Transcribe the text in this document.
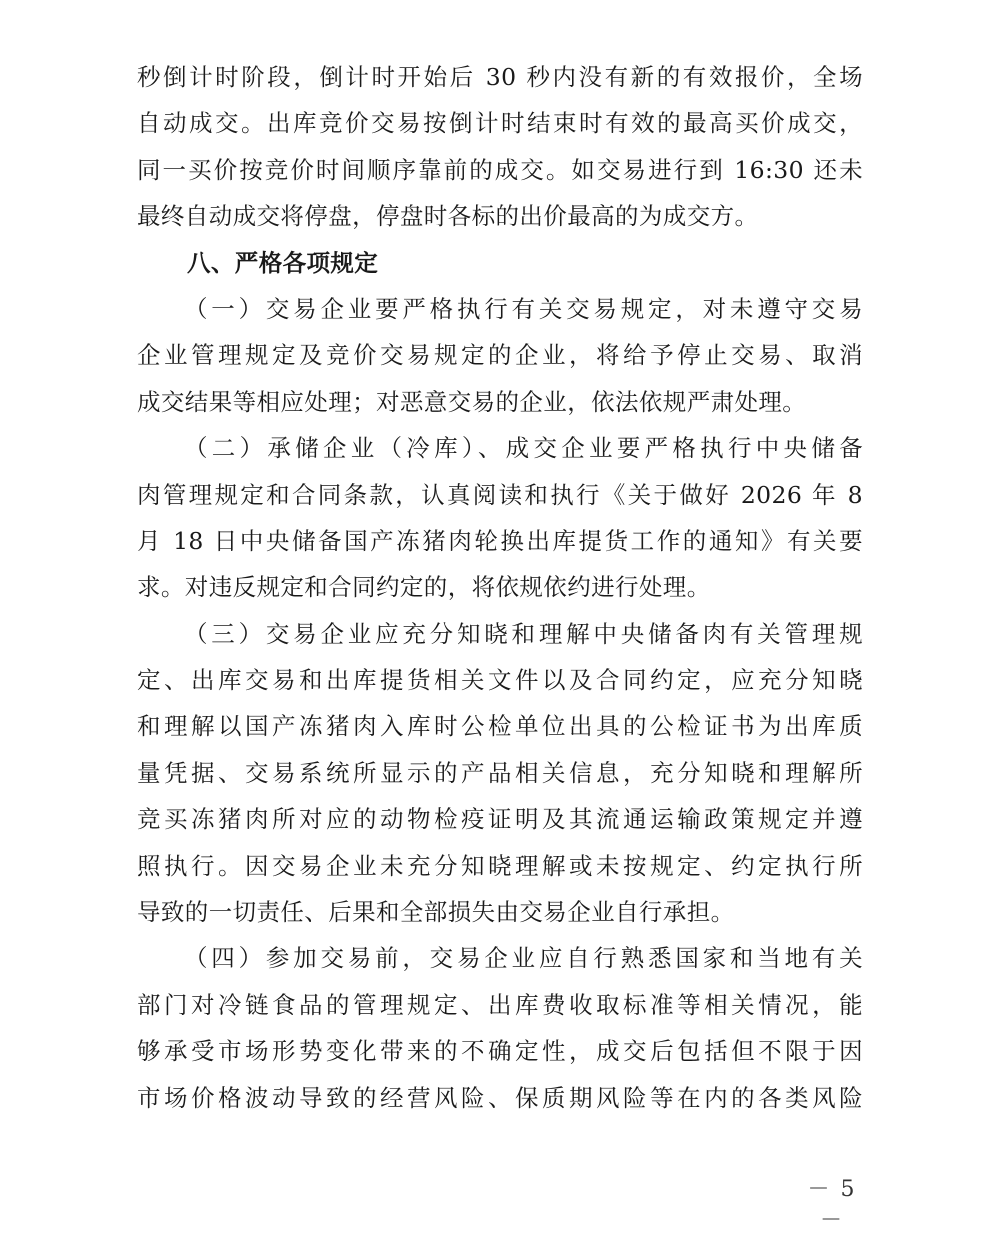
秒倒计时阶段，倒计时开始后 30 秒内没有新的有效报价，全场
自动成交。出库竞价交易按倒计时结束时有效的最高买价成交，
同一买价按竞价时间顺序靠前的成交。如交易进行到 16:30 还未
最终自动成交将停盘，停盘时各标的出价最高的为成交方。
八、严格各项规定
（一）交易企业要严格执行有关交易规定，对未遵守交易
企业管理规定及竞价交易规定的企业，将给予停止交易、取消
成交结果等相应处理；对恶意交易的企业，依法依规严肃处理。
（二）承储企业（冷库）、成交企业要严格执行中央储备
肉管理规定和合同条款，认真阅读和执行《关于做好 2026 年 8
月 18 日中央储备国产冻猪肉轮换出库提货工作的通知》有关要
求。对违反规定和合同约定的，将依规依约进行处理。
（三）交易企业应充分知晓和理解中央储备肉有关管理规
定、出库交易和出库提货相关文件以及合同约定，应充分知晓
和理解以国产冻猪肉入库时公检单位出具的公检证书为出库质
量凭据、交易系统所显示的产品相关信息，充分知晓和理解所
竞买冻猪肉所对应的动物检疫证明及其流通运输政策规定并遵
照执行。因交易企业未充分知晓理解或未按规定、约定执行所
导致的一切责任、后果和全部损失由交易企业自行承担。
（四）参加交易前，交易企业应自行熟悉国家和当地有关
部门对冷链食品的管理规定、出库费收取标准等相关情况，能
够承受市场形势变化带来的不确定性，成交后包括但不限于因
市场价格波动导致的经营风险、保质期风险等在内的各类风险
－ 5 －
